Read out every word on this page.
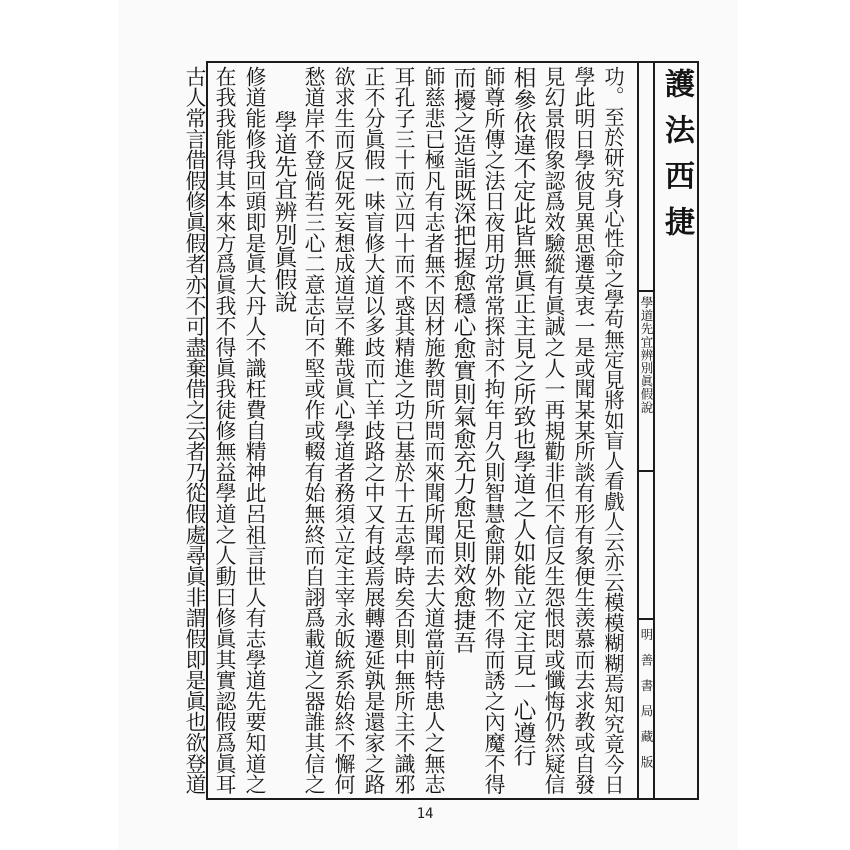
護法西捷
學道先宜辨別眞假說
明善書局藏版
功。至於研究身心性命之學苟無定見將如盲人看戲人云亦云模模糊糊焉知究竟今日
學此明日學彼見異思遷莫衷一是或聞某某所談有形有象便生羡慕而去求教或自發
見幻景假象認爲效驗縱有眞誠之人一再規勸非但不信反生怨恨悶或懺悔仍然疑信
相參依違不定此皆無眞正主見之所致也學道之人如能立定主見一心遵行
師尊所傳之法日夜用功常常探討不拘年月久則智慧愈開外物不得而誘之內魔不得
而擾之造詣既深把握愈穩心愈實則氣愈充力愈足則效愈捷吾
師慈悲已極凡有志者無不因材施教問所問而來聞所聞而去大道當前特患人之無志
耳孔子三十而立四十而不惑其精進之功已基於十五志學時矣否則中無所主不識邪
正不分眞假一味盲修大道以多歧而亡羊歧路之中又有歧焉展轉遷延孰是還家之路
欲求生而反促死妄想成道豈不難哉眞心學道者務須立定主宰永皈統系始終不懈何
愁道岸不登倘若三心二意志向不堅或作或輟有始無終而自詡爲載道之器誰其信之
學道先宜辨別眞假說
修道能修我回頭即是眞大丹人不識枉費自精神此呂祖言世人有志學道先要知道之
在我我能得其本來方爲眞我不得眞我徒修無益學道之人動曰修眞其實認假爲眞耳
古人常言借假修眞假者亦不可盡棄借之云者乃從假處尋眞非謂假即是眞也欲登道
14
